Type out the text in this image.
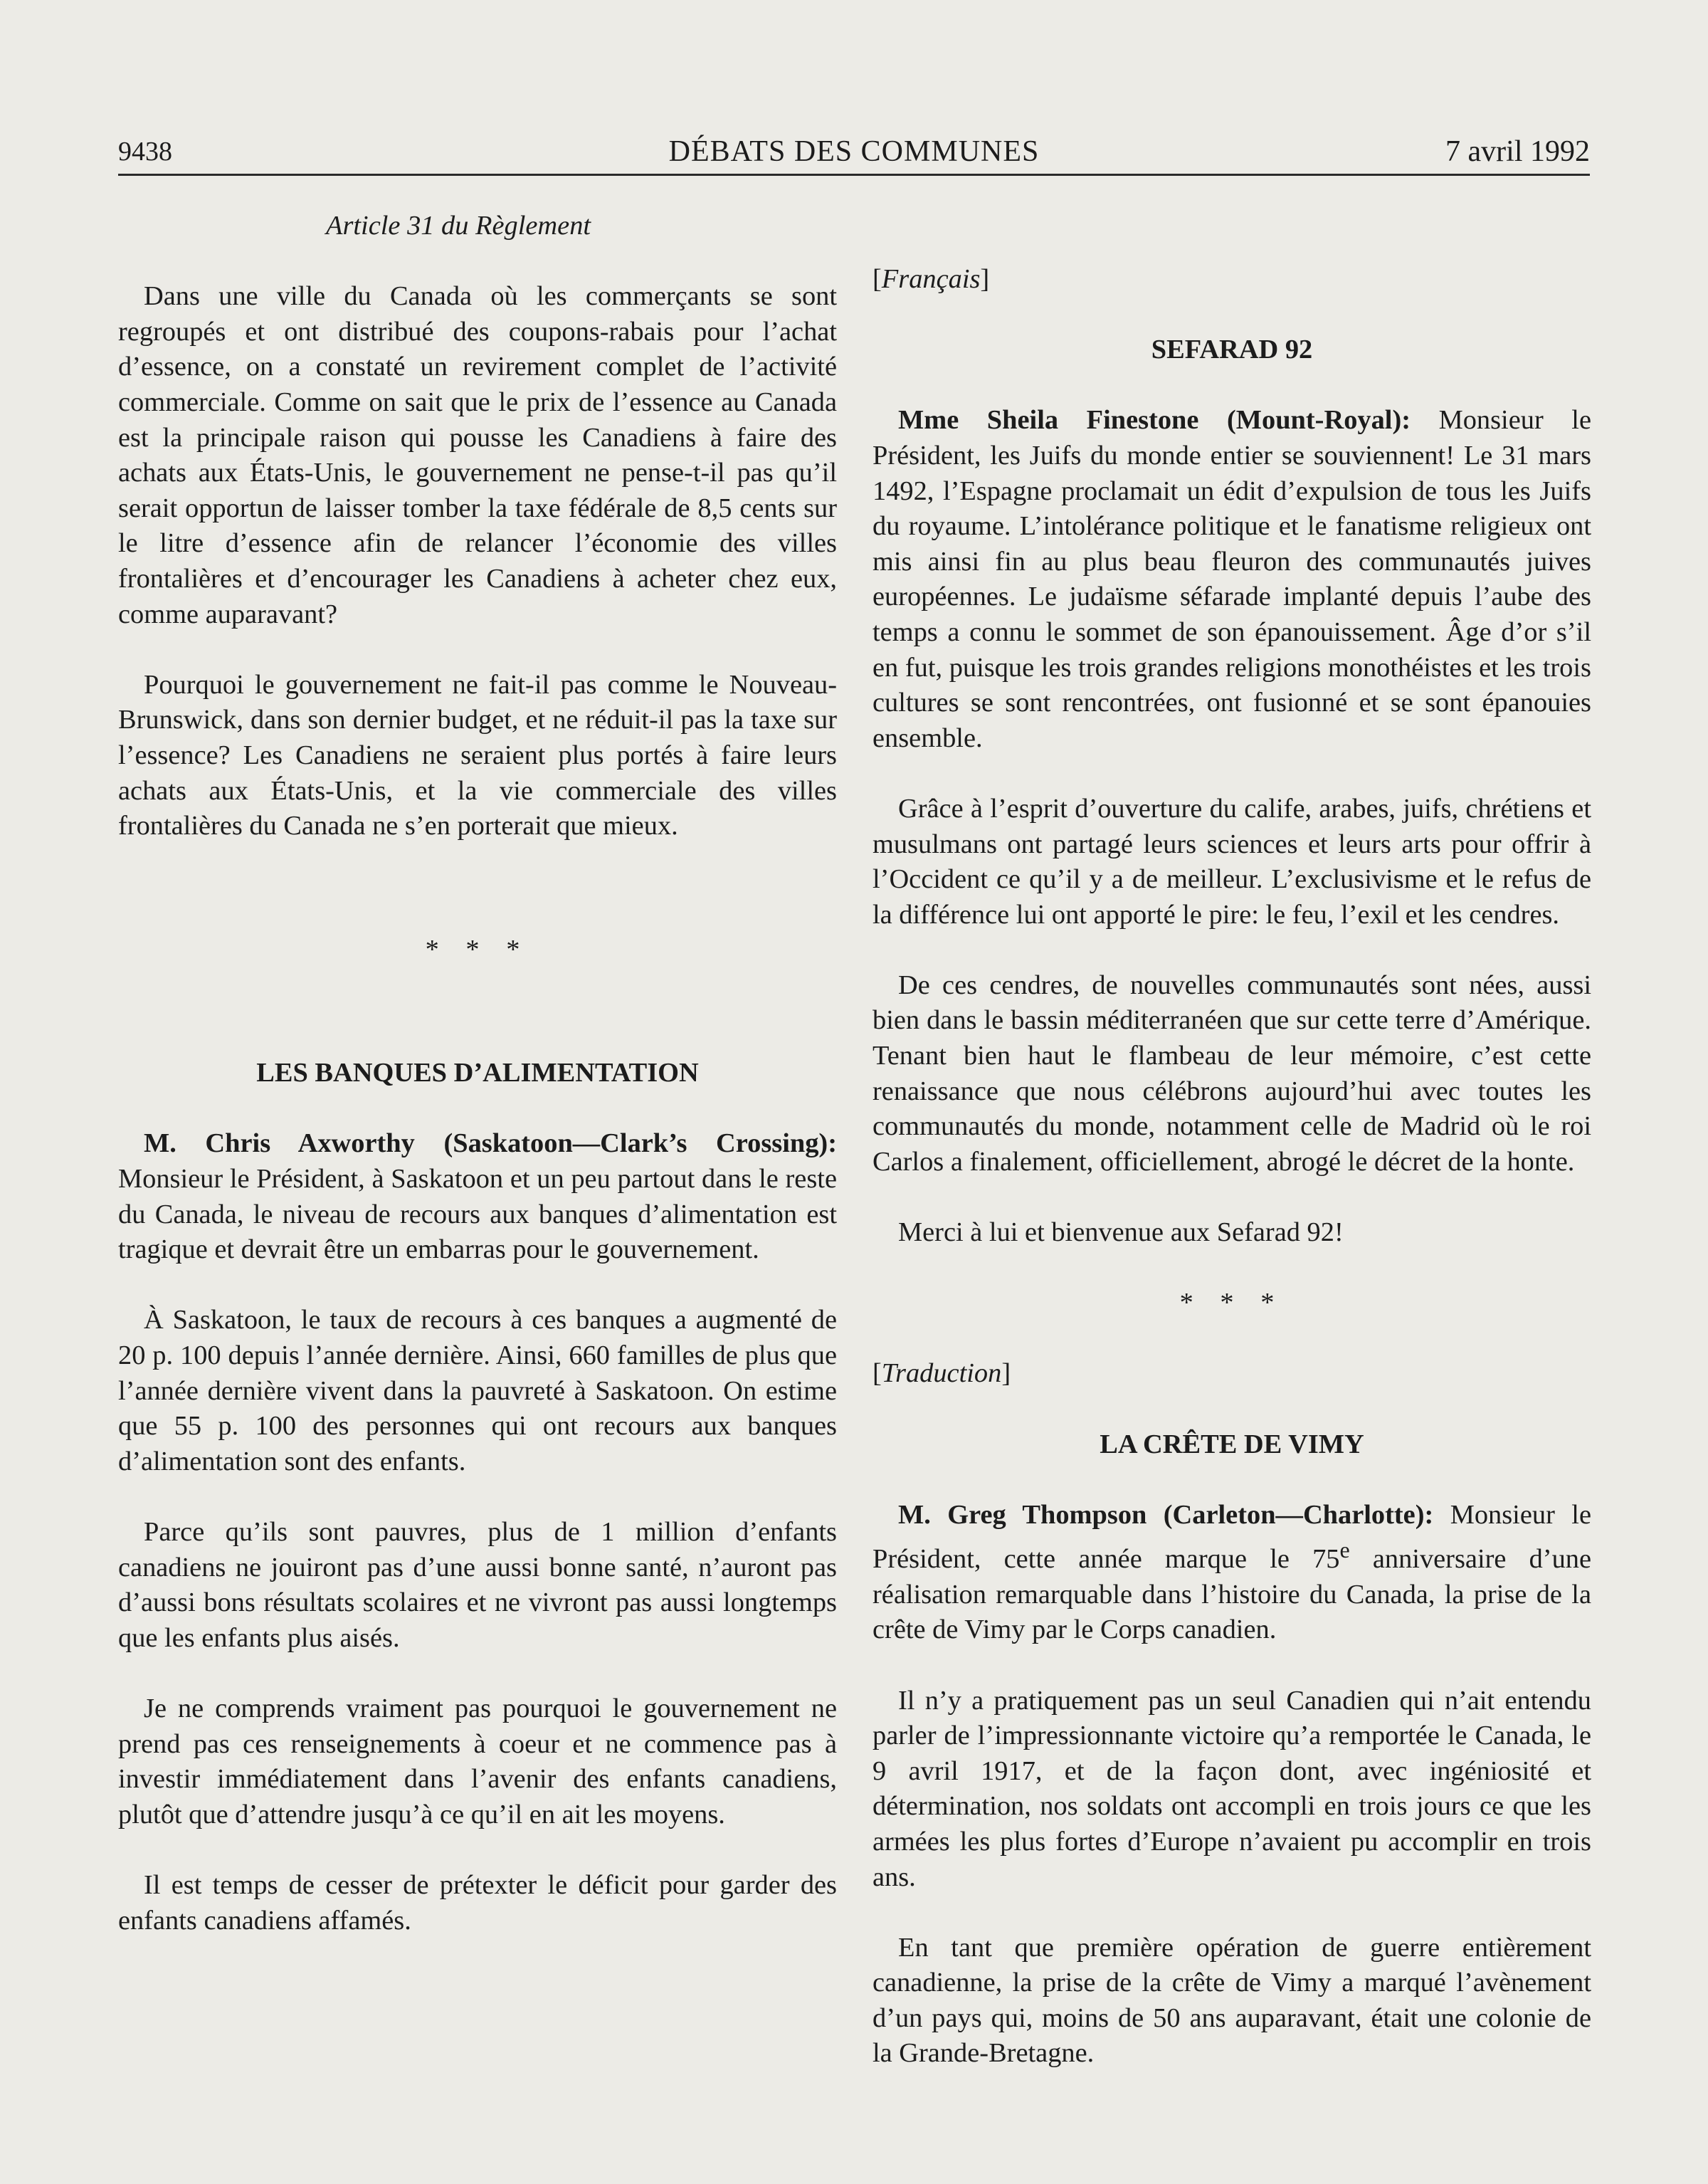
9438	DÉBATS DES COMMUNES	7 avril 1992

Article 31 du Règlement

Dans une ville du Canada où les commerçants se sont regroupés et ont distribué des coupons-rabais pour l’achat d’essence, on a constaté un revirement complet de l’activité commerciale. Comme on sait que le prix de l’essence au Canada est la principale raison qui pousse les Canadiens à faire des achats aux États-Unis, le gouvernement ne pense-t-il pas qu’il serait opportun de laisser tomber la taxe fédérale de 8,5 cents sur le litre d’essence afin de relancer l’économie des villes frontalières et d’encourager les Canadiens à acheter chez eux, comme auparavant?

Pourquoi le gouvernement ne fait-il pas comme le Nouveau-Brunswick, dans son dernier budget, et ne réduit-il pas la taxe sur l’essence? Les Canadiens ne seraient plus portés à faire leurs achats aux États-Unis, et la vie commerciale des villes frontalières du Canada ne s’en porterait que mieux.

* * *

LES BANQUES D’ALIMENTATION

M. Chris Axworthy (Saskatoon—Clark’s Crossing): Monsieur le Président, à Saskatoon et un peu partout dans le reste du Canada, le niveau de recours aux banques d’alimentation est tragique et devrait être un embarras pour le gouvernement.

À Saskatoon, le taux de recours à ces banques a augmenté de 20 p. 100 depuis l’année dernière. Ainsi, 660 familles de plus que l’année dernière vivent dans la pauvreté à Saskatoon. On estime que 55 p. 100 des personnes qui ont recours aux banques d’alimentation sont des enfants.

Parce qu’ils sont pauvres, plus de 1 million d’enfants canadiens ne jouiront pas d’une aussi bonne santé, n’auront pas d’aussi bons résultats scolaires et ne vivront pas aussi longtemps que les enfants plus aisés.

Je ne comprends vraiment pas pourquoi le gouvernement ne prend pas ces renseignements à coeur et ne commence pas à investir immédiatement dans l’avenir des enfants canadiens, plutôt que d’attendre jusqu’à ce qu’il en ait les moyens.

Il est temps de cesser de prétexter le déficit pour garder des enfants canadiens affamés.

[Français]

SEFARAD 92

Mme Sheila Finestone (Mount-Royal): Monsieur le Président, les Juifs du monde entier se souviennent! Le 31 mars 1492, l’Espagne proclamait un édit d’expulsion de tous les Juifs du royaume. L’intolérance politique et le fanatisme religieux ont mis ainsi fin au plus beau fleuron des communautés juives européennes. Le judaïsme séfarade implanté depuis l’aube des temps a connu le sommet de son épanouissement. Âge d’or s’il en fut, puisque les trois grandes religions monothéistes et les trois cultures se sont rencontrées, ont fusionné et se sont épanouies ensemble.

Grâce à l’esprit d’ouverture du calife, arabes, juifs, chrétiens et musulmans ont partagé leurs sciences et leurs arts pour offrir à l’Occident ce qu’il y a de meilleur. L’exclusivisme et le refus de la différence lui ont apporté le pire: le feu, l’exil et les cendres.

De ces cendres, de nouvelles communautés sont nées, aussi bien dans le bassin méditerranéen que sur cette terre d’Amérique. Tenant bien haut le flambeau de leur mémoire, c’est cette renaissance que nous célébrons aujourd’hui avec toutes les communautés du monde, notamment celle de Madrid où le roi Carlos a finalement, officiellement, abrogé le décret de la honte.

Merci à lui et bienvenue aux Sefarad 92!

* * *

[Traduction]

LA CRÊTE DE VIMY

M. Greg Thompson (Carleton—Charlotte): Monsieur le Président, cette année marque le 75e anniversaire d’une réalisation remarquable dans l’histoire du Canada, la prise de la crête de Vimy par le Corps canadien.

Il n’y a pratiquement pas un seul Canadien qui n’ait entendu parler de l’impressionnante victoire qu’a remportée le Canada, le 9 avril 1917, et de la façon dont, avec ingéniosité et détermination, nos soldats ont accompli en trois jours ce que les armées les plus fortes d’Europe n’avaient pu accomplir en trois ans.

En tant que première opération de guerre entièrement canadienne, la prise de la crête de Vimy a marqué l’avènement d’un pays qui, moins de 50 ans auparavant, était une colonie de la Grande-Bretagne.
